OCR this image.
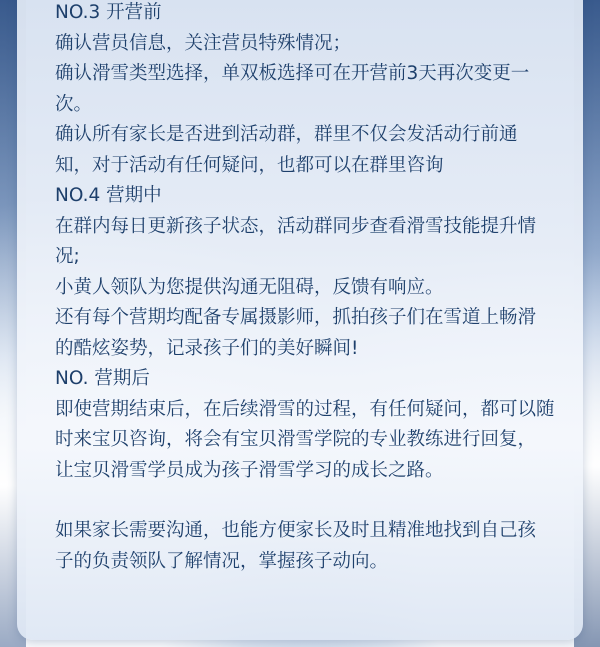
NO.3 开营前

确认营员信息，关注营员特殊情况；

确认滑雪类型选择，单双板选择可在开营前3天再次变更一

次。

确认所有家长是否进到活动群，群里不仅会发活动行前通

知，对于活动有任何疑问，也都可以在群里咨询

NO.4 营期中

在群内每日更新孩子状态，活动群同步查看滑雪技能提升情

况;

小黄人领队为您提供沟通无阻碍，反馈有响应。

还有每个营期均配备专属摄影师，抓拍孩子们在雪道上畅滑

的酷炫姿势，记录孩子们的美好瞬间!

NO. 营期后

即使营期结束后，在后续滑雪的过程，有任何疑问，都可以随

时来宝贝咨询，将会有宝贝滑雪学院的专业教练进行回复，

让宝贝滑雪学员成为孩子滑雪学习的成长之路。

如果家长需要沟通，也能方便家长及时且精准地找到自己孩

子的负责领队了解情况，掌握孩子动向。
